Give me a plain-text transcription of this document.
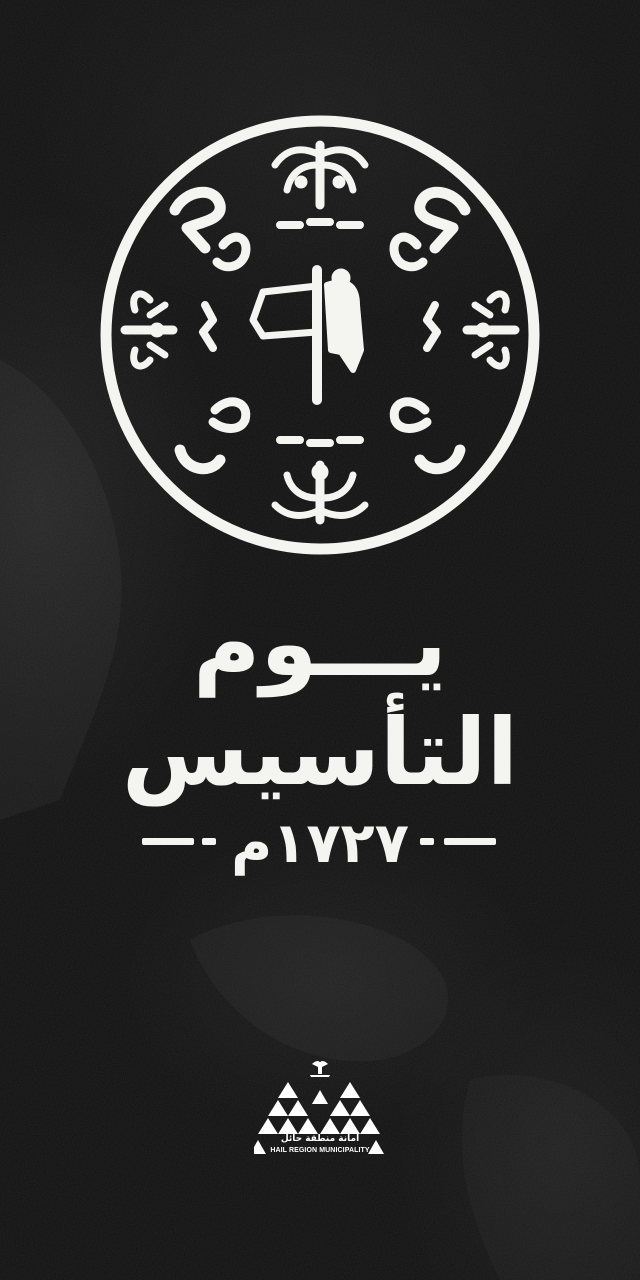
يـــوم
التأسيس
١٧٢٧م
امانة منطقة حائل
HAIL REGION MUNICIPALITY
